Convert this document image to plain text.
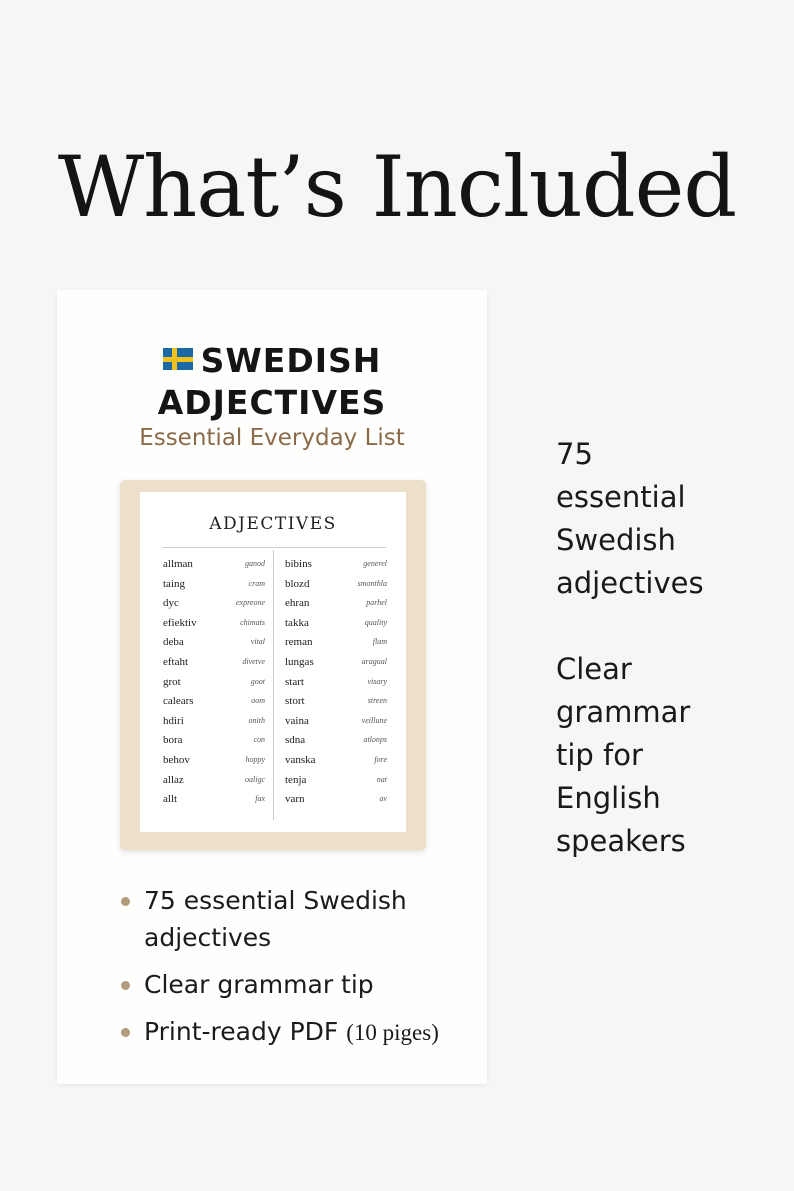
What’s Included
SWEDISH
ADJECTIVES
Essential Everyday List
ADJECTIVES
allman	ganod
taing	cram
dyc	expreone
efiektiv	chimats
deba	vital
eftaht	divetve
grot	goot
calears	oom
hdiri	onith
bora	con
behov	hoppy
allaz	oaligc
allt	fax
bibins	generel
blozd	smonthla
ehran	parhel
takka	quality
reman	flam
lungas	aragual
start	visary
stort	streen
vaina	veillune
sdna	atlonps
vanska	fore
tenja	nat
varn	av
75 essential Swedish adjectives
Clear grammar tip
Print-ready PDF (10 piges)
75
essential
Swedish
adjectives
Clear
grammar
tip for
English
speakers
